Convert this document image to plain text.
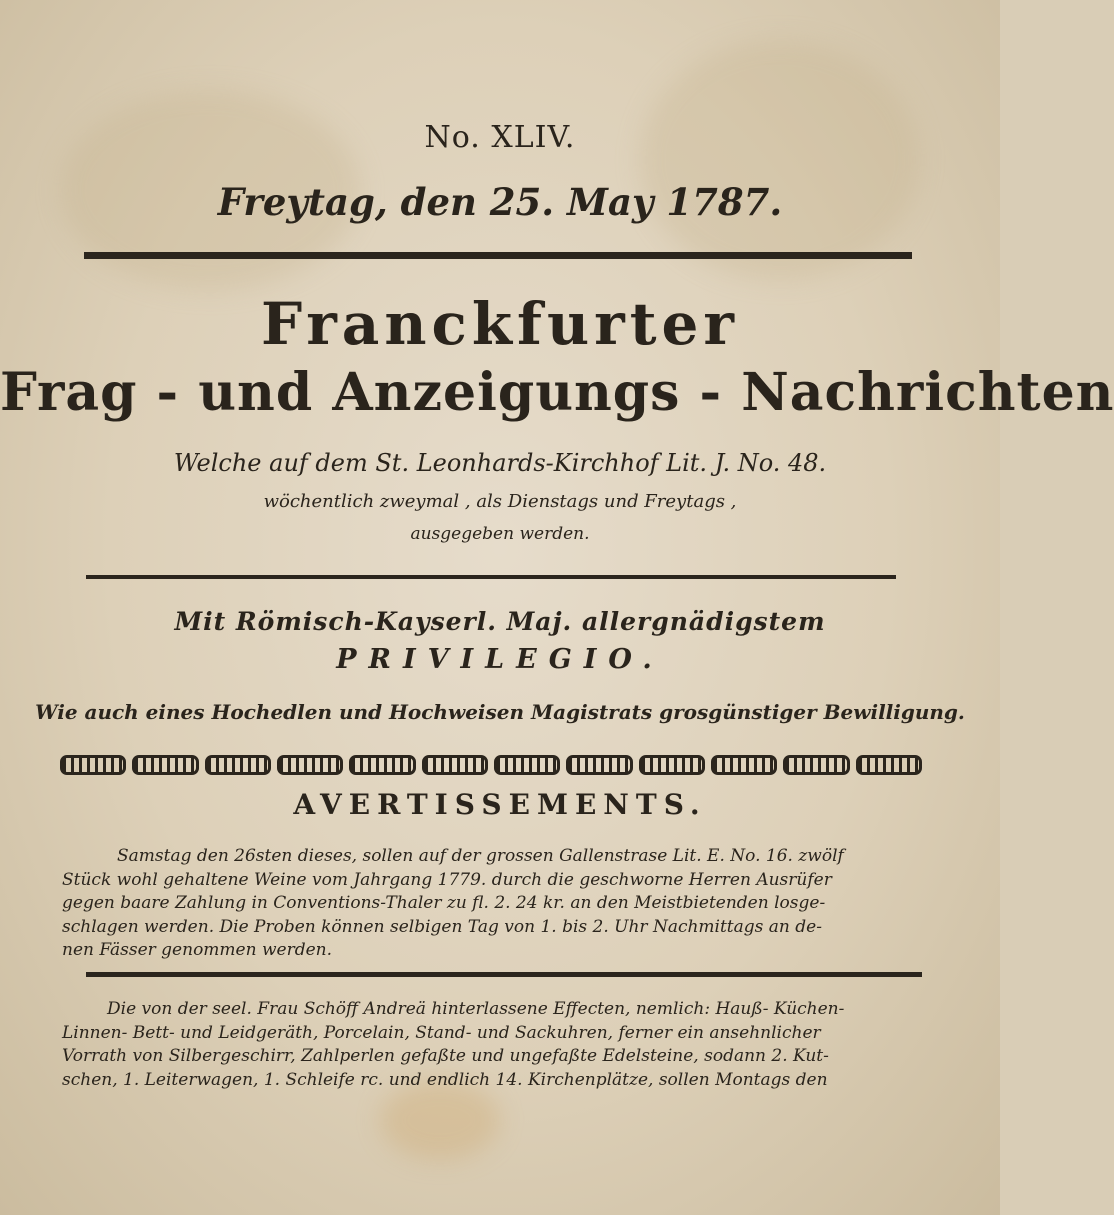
No. XLIV.
Freytag, den 25. May 1787.
Franckfurter
Frag - und Anzeigungs - Nachrichten
Welche auf dem St. Leonhards-Kirchhof Lit. J. No. 48.
wöchentlich zweymal , als Dienstags und Freytags ,
ausgegeben werden.
Mit Römisch-Kayserl. Maj. allergnädigstem
PRIVILEGIO.
Wie auch eines Hochedlen und Hochweisen Magistrats grosgünstiger Bewilligung.
AVERTISSEMENTS.
Samstag den 26sten dieses, sollen auf der grossen Gallenstrase Lit. E. No. 16. zwölf
Stück wohl gehaltene Weine vom Jahrgang 1779. durch die geschworne Herren Ausrüfer
gegen baare Zahlung in Conventions-Thaler zu fl. 2. 24 kr. an den Meistbietenden losge-
schlagen werden. Die Proben können selbigen Tag von 1. bis 2. Uhr Nachmittags an de-
nen Fässer genommen werden.
Die von der seel. Frau Schöff Andreä hinterlassene Effecten, nemlich: Hauß- Küchen-
Linnen- Bett- und Leidgeräth, Porcelain, Stand- und Sackuhren, ferner ein ansehnlicher
Vorrath von Silbergeschirr, Zahlperlen gefaßte und ungefaßte Edelsteine, sodann 2. Kut-
schen, 1. Leiterwagen, 1. Schleife rc. und endlich 14. Kirchenplätze, sollen Montags den
